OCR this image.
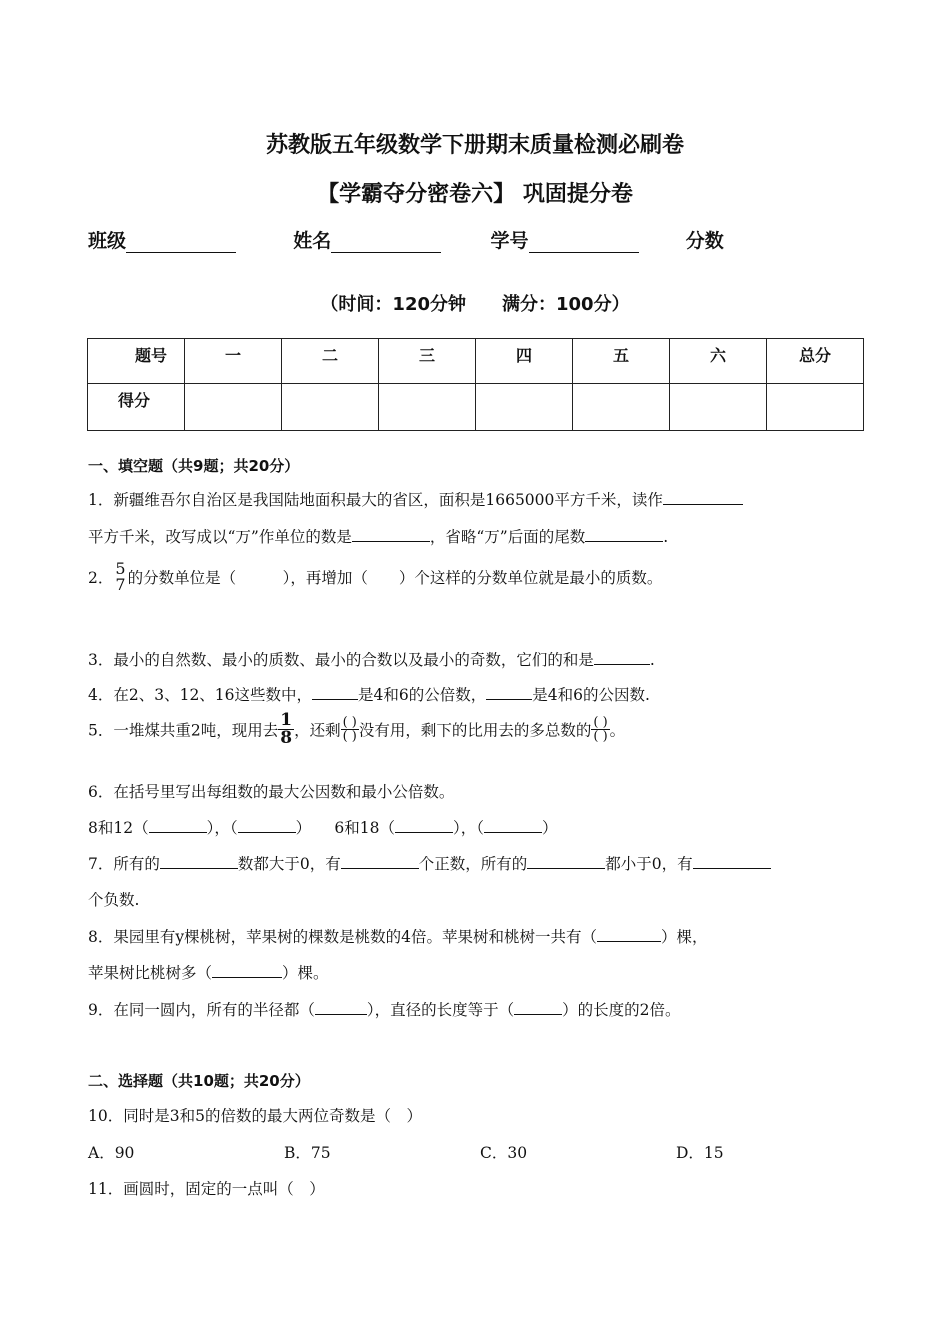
苏教版五年级数学下册期末质量检测必刷卷
【学霸夺分密卷六】 巩固提分卷
班级	姓名	学号	分数
（时间：120分钟　　满分：100分）
题号	一	二	三	四	五	六	总分
得分							
一、填空题（共9题；共20分）
1．新疆维吾尔自治区是我国陆地面积最大的省区，面积是1665000平方千米，读作
平方千米，改写成以“万”作单位的数是	，省略“万”后面的尾数	.
2． 5
7 的分数单位是（　　　），再增加（　　）个这样的分数单位就是最小的质数。
3．最小的自然数、最小的质数、最小的合数以及最小的奇数，它们的和是	.
4．在2、3、12、16这些数中，	是4和6的公倍数，	是4和6的公因数.
5．一堆煤共重2吨，现用去 $\frac{1}{8}$ ，还剩 $\frac{( )}{( )}$ 没有用，剩下的比用去的多总数的 $\frac{( )}{( )}$ 。
6．在括号里写出每组数的最大公因数和最小公倍数。
8和12（	），（	）　　6和18（	），（	）
7．所有的	数都大于0，有	个正数，所有的	都小于0，有
个负数.
8．果园里有y棵桃树，苹果树的棵数是桃数的4倍。苹果树和桃树一共有（	）棵，
苹果树比桃树多（	）棵。
9．在同一圆内，所有的半径都（	），直径的长度等于（	）的长度的2倍。
二、选择题（共10题；共20分）
10．同时是3和5的倍数的最大两位奇数是（　）
A．90	B．75	C．30	D．15
11．画圆时，固定的一点叫（　）
